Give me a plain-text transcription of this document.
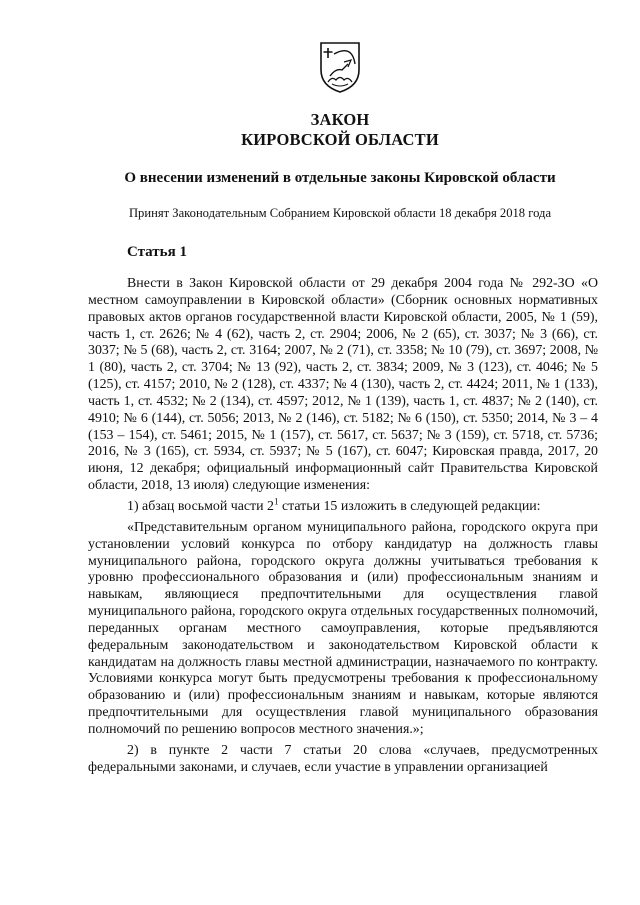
ЗАКОН
КИРОВСКОЙ ОБЛАСТИ
О внесении изменений в отдельные законы Кировской области
Принят Законодательным Собранием Кировской области 18 декабря 2018 года
Статья 1

Внести в Закон Кировской области от 29 декабря 2004 года № 292-ЗО «О местном самоуправлении в Кировской области» (Сборник основных нормативных правовых актов органов государственной власти Кировской области, 2005, № 1 (59), часть 1, ст. 2626; № 4 (62), часть 2, ст. 2904; 2006, № 2 (65), ст. 3037; № 3 (66), ст. 3037; № 5 (68), часть 2, ст. 3164; 2007, № 2 (71), ст. 3358; № 10 (79), ст. 3697; 2008, № 1 (80), часть 2, ст. 3704; № 13 (92), часть 2, ст. 3834; 2009, № 3 (123), ст. 4046; № 5 (125), ст. 4157; 2010, № 2 (128), ст. 4337; № 4 (130), часть 2, ст. 4424; 2011, № 1 (133), часть 1, ст. 4532; № 2 (134), ст. 4597; 2012, № 1 (139), часть 1, ст. 4837; № 2 (140), ст. 4910; № 6 (144), ст. 5056; 2013, № 2 (146), ст. 5182; № 6 (150), ст. 5350; 2014, № 3 – 4 (153 – 154), ст. 5461; 2015, № 1 (157), ст. 5617, ст. 5637; № 3 (159), ст. 5718, ст. 5736; 2016, № 3 (165), ст. 5934, ст. 5937; № 5 (167), ст. 6047; Кировская правда, 2017, 20 июня, 12 декабря; официальный информационный сайт Правительства Кировской области, 2018, 13 июля) следующие изменения:

1) абзац восьмой части $2^1$ статьи 15 изложить в следующей редакции:

«Представительным органом муниципального района, городского округа при установлении условий конкурса по отбору кандидатур на должность главы муниципального района, городского округа должны учитываться требования к уровню профессионального образования и (или) профессиональным знаниям и навыкам, являющиеся предпочтительными для осуществления главой муниципального района, городского округа отдельных государственных полномочий, переданных органам местного самоуправления, которые предъявляются федеральным законодательством и законодательством Кировской области к кандидатам на должность главы местной администрации, назначаемого по контракту. Условиями конкурса могут быть предусмотрены требования к профессиональному образованию и (или) профессиональным знаниям и навыкам, которые являются предпочтительными для осуществления главой муниципального образования полномочий по решению вопросов местного значения.»;

2) в пункте 2 части 7 статьи 20 слова «случаев, предусмотренных федеральными законами, и случаев, если участие в управлении организацией
